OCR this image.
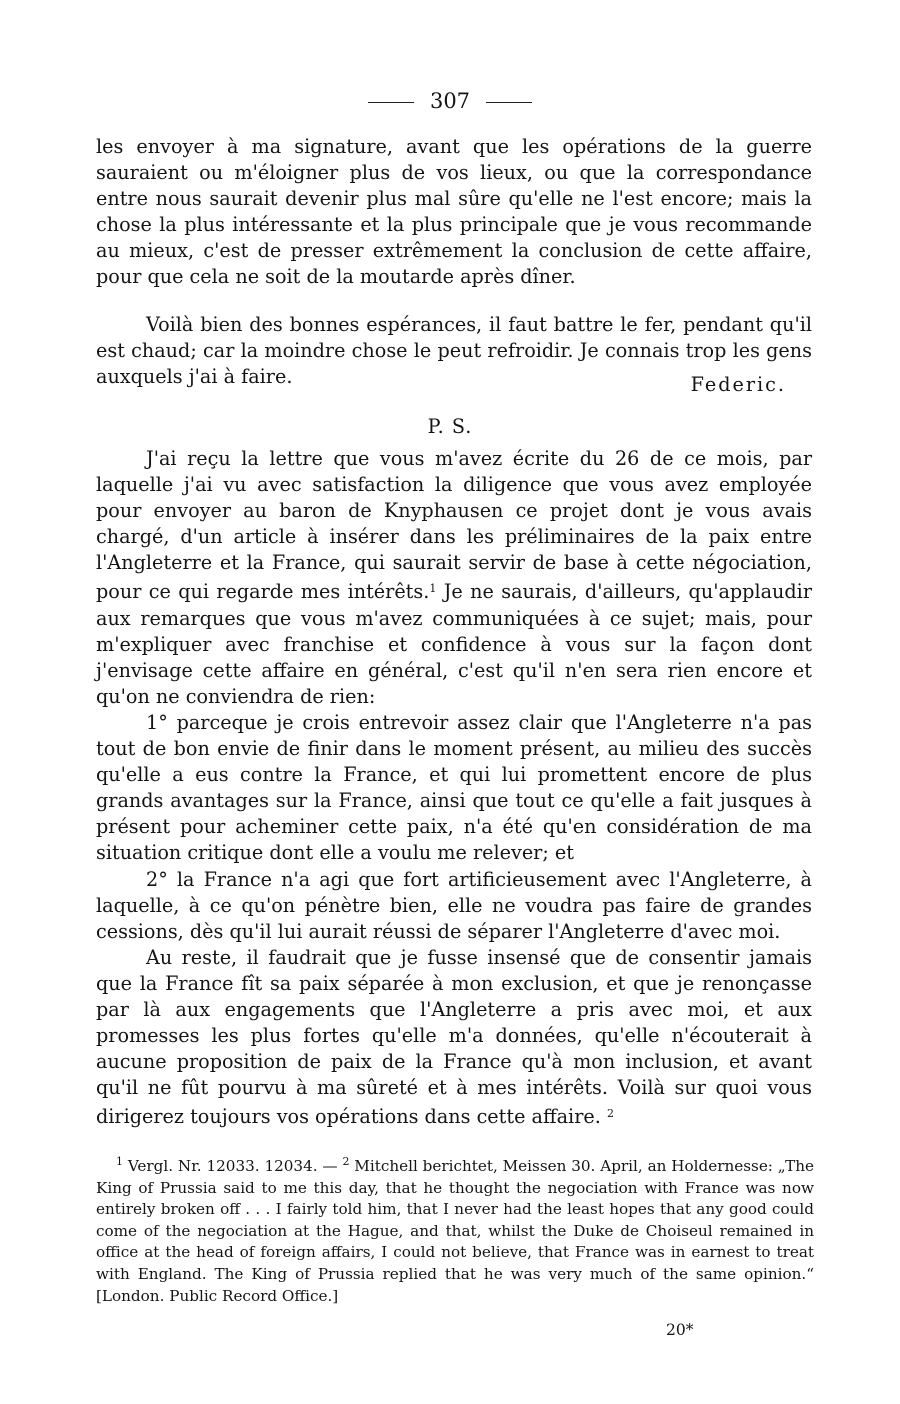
307

les envoyer à ma signature, avant que les opérations de la guerre sauraient ou m'éloigner plus de vos lieux, ou que la correspondance entre nous saurait devenir plus mal sûre qu'elle ne l'est encore; mais la chose la plus intéressante et la plus principale que je vous recommande au mieux, c'est de presser extrêmement la conclusion de cette affaire, pour que cela ne soit de la moutarde après dîner.

Voilà bien des bonnes espérances, il faut battre le fer, pendant qu'il est chaud; car la moindre chose le peut refroidir. Je connais trop les gens auxquels j'ai à faire.	Federic.
P. S.

J'ai reçu la lettre que vous m'avez écrite du 26 de ce mois, par laquelle j'ai vu avec satisfaction la diligence que vous avez employée pour envoyer au baron de Knyphausen ce projet dont je vous avais chargé, d'un article à insérer dans les préliminaires de la paix entre l'Angleterre et la France, qui saurait servir de base à cette négociation, pour ce qui regarde mes intérêts.$^1$ Je ne saurais, d'ailleurs, qu'applaudir aux remarques que vous m'avez communiquées à ce sujet; mais, pour m'expliquer avec franchise et confidence à vous sur la façon dont j'envisage cette affaire en général, c'est qu'il n'en sera rien encore et qu'on ne conviendra de rien:

1° parceque je crois entrevoir assez clair que l'Angleterre n'a pas tout de bon envie de finir dans le moment présent, au milieu des succès qu'elle a eus contre la France, et qui lui promettent encore de plus grands avantages sur la France, ainsi que tout ce qu'elle a fait jusques à présent pour acheminer cette paix, n'a été qu'en considération de ma situation critique dont elle a voulu me relever; et

2° la France n'a agi que fort artificieusement avec l'Angleterre, à laquelle, à ce qu'on pénètre bien, elle ne voudra pas faire de grandes cessions, dès qu'il lui aurait réussi de séparer l'Angleterre d'avec moi.

Au reste, il faudrait que je fusse insensé que de consentir jamais que la France fît sa paix séparée à mon exclusion, et que je renonçasse par là aux engagements que l'Angleterre a pris avec moi, et aux promesses les plus fortes qu'elle m'a données, qu'elle n'écouterait à aucune proposition de paix de la France qu'à mon inclusion, et avant qu'il ne fût pourvu à ma sûreté et à mes intérêts. Voilà sur quoi vous dirigerez toujours vos opérations dans cette affaire. $^2$

$^1$ Vergl. Nr. 12033. 12034. — $^2$ Mitchell berichtet, Meissen 30. April, an Holdernesse: „The King of Prussia said to me this day, that he thought the negociation with France was now entirely broken off . . . I fairly told him, that I never had the least hopes that any good could come of the negociation at the Hague, and that, whilst the Duke de Choiseul remained in office at the head of foreign affairs, I could not believe, that France was in earnest to treat with England. The King of Prussia replied that he was very much of the same opinion.“ [London. Public Record Office.]

20*
